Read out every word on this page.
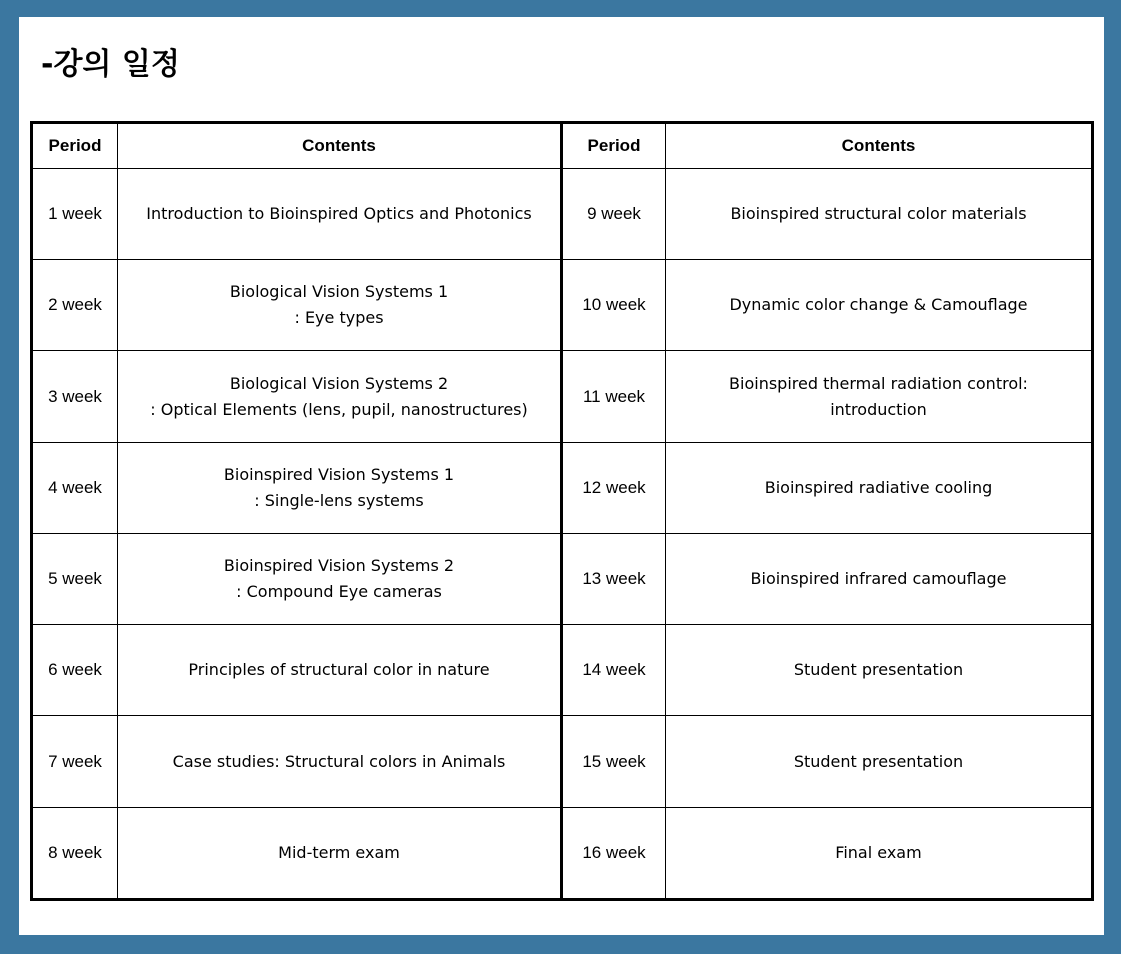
-강의 일정
Period	Contents	Period	Contents
1 week	Introduction to Bioinspired Optics and Photonics	9 week	Bioinspired structural color materials

2 week	Biological Vision Systems 1
: Eye types	10 week	Dynamic color change & Camouflage

3 week	Biological Vision Systems 2
: Optical Elements (lens, pupil, nanostructures)	11 week	Bioinspired thermal radiation control:
introduction

4 week	Bioinspired Vision Systems 1
: Single-lens systems	12 week	Bioinspired radiative cooling

5 week	Bioinspired Vision Systems 2
: Compound Eye cameras	13 week	Bioinspired infrared camouflage

6 week	Principles of structural color in nature	14 week	Student presentation

7 week	Case studies: Structural colors in Animals	15 week	Student presentation

8 week	Mid-term exam	16 week	Final exam
